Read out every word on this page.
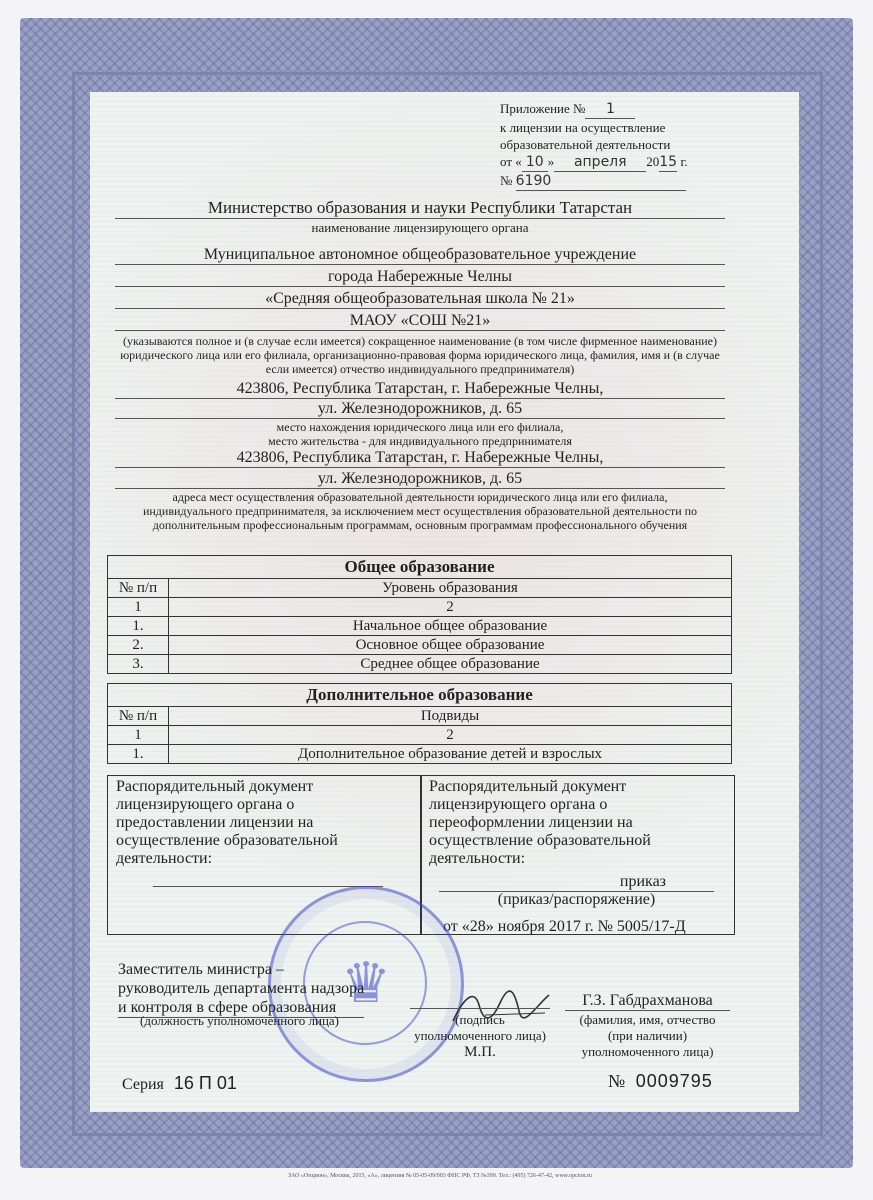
Приложение № 1
к лицензии на осуществление
образовательной деятельности
от « 10 » апреля 2015 г.
№ 6190
Министерство образования и науки Республики Татарстан
наименование лицензирующего органа
Муниципальное автономное общеобразовательное учреждение
города Набережные Челны
«Средняя общеобразовательная школа № 21»
МАОУ «СОШ №21»
(указываются полное и (в случае если имеется) сокращенное наименование (в том числе фирменное наименование) юридического лица или его филиала, организационно-правовая форма юридического лица, фамилия, имя и (в случае если имеется) отчество индивидуального предпринимателя)
423806, Республика Татарстан, г. Набережные Челны,
ул. Железнодорожников, д. 65
место нахождения юридического лица или его филиала,
место жительства - для индивидуального предпринимателя
423806, Республика Татарстан, г. Набережные Челны,
ул. Железнодорожников, д. 65
адреса мест осуществления образовательной деятельности юридического лица или его филиала, индивидуального предпринимателя, за исключением мест осуществления образовательной деятельности по дополнительным профессиональным программам, основным программам профессионального обучения
Общее образование	
№ п/п	Уровень образования
1	2
1.	Начальное общее образование
2.	Основное общее образование
3.	Среднее общее образование
Дополнительное образование	
№ п/п	Подвиды
1	2
1.	Дополнительное образование детей и взрослых
Распорядительный документ лицензирующего органа о предоставлении лицензии на осуществление образовательной деятельности:
Распорядительный документ лицензирующего органа о переоформлении лицензии на осуществление образовательной деятельности:
приказ
(приказ/распоряжение)
от «28» ноября 2017 г. № 5005/17-Д
♛
Заместитель министра –
руководитель департамента надзора
и контроля в сфере образования
(должность уполномоченного лица)	(подпись
уполномоченного лица)
М.П.
Г.З. Габдрахманова
(фамилия, имя, отчество
(при наличии)
уполномоченного лица)
Серия 16 П 01	№ 0009795
ЗАО «Опцион», Москва, 2015, «А», лицензия № 05-05-09/003 ФНС РФ, ТЗ №399. Тел.: (495) 726-47-42, www.opcion.ru
